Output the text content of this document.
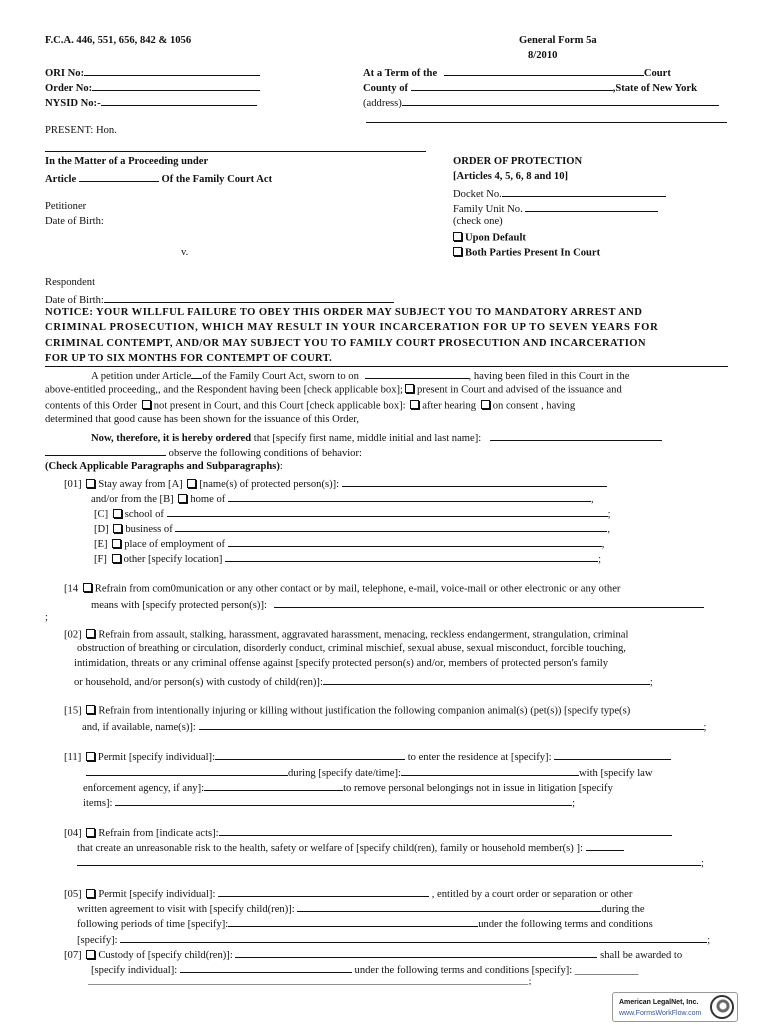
F.C.A. 446, 551, 656, 842 & 1056	General Form 5a
8/2010
ORI No:
Order No:
NYSID No:-
At a Term of the	Court
County of	,State of New York
(address)
PRESENT: Hon.
In the Matter of a Proceeding under
Article	Of the Family Court Act
Petitioner
Date of Birth:
v.
Respondent
Date of Birth:
ORDER OF PROTECTION
[Articles 4, 5, 6, 8 and 10]
Docket No.
Family Unit No.
(check one)
Upon Default
Both Parties Present In Court
NOTICE: YOUR WILLFUL FAILURE TO OBEY THIS ORDER MAY SUBJECT YOU TO MANDATORY ARREST AND
CRIMINAL PROSECUTION, WHICH MAY RESULT IN YOUR INCARCERATION FOR UP TO SEVEN YEARS FOR
CRIMINAL CONTEMPT, AND/OR MAY SUBJECT YOU TO FAMILY COURT PROSECUTION AND INCARCERATION
FOR UP TO SIX MONTHS FOR CONTEMPT OF COURT.
A petition under Article of the Family Court Act, sworn to on	, having been filed in this Court in the
above-entitled proceeding,, and the Respondent having been [check applicable box]; present in Court and advised of the issuance and
contents of this Order not present in Court, and this Court [check applicable box]: after hearing on consent , having
determined that good cause has been shown for the issuance of this Order,
Now, therefore, it is hereby ordered that [specify first name, middle initial and last name]:
observe the following conditions of behavior:
(Check Applicable Paragraphs and Subparagraphs):
[01] Stay away from [A] [name(s) of protected person(s)]:
and/or from the [B] home of	,
[C] school of	;
[D] business of	,
[E] place of employment of	,
[F] other [specify location]	;
[14 Refrain from com0munication or any other contact or by mail, telephone, e-mail, voice-mail or other electronic or any other
means with [specify protected person(s)]:
;
[02] Refrain from assault, stalking, harassment, aggravated harassment, menacing, reckless endangerment, strangulation, criminal
obstruction of breathing or circulation, disorderly conduct, criminal mischief, sexual abuse, sexual misconduct, forcible touching,
intimidation, threats or any criminal offense against [specify protected person(s) and/or, members of protected person's family
or household, and/or person(s) with custody of child(ren)]:	;
[15] Refrain from intentionally injuring or killing without justification the following companion animal(s) (pet(s)) [specify type(s)
and, if available, name(s)]:	;
[11] Permit [specify individual]:	to enter the residence at [specify]:
during [specify date/time]:	with [specify law
enforcement agency, if any]:	to remove personal belongings not in issue in litigation [specify
items]:	;
[04] Refrain from [indicate acts]:
that create an unreasonable risk to the health, safety or welfare of [specify child(ren), family or household member(s) ]:
;
[05] Permit [specify individual]:	, entitled by a court order or separation or other
written agreement to visit with [specify child(ren)]:	during the
following periods of time [specify]:	under the following terms and conditions
[specify]:	;
[07] Custody of [specify child(ren)]:	shall be awarded to
[specify individual]:	under the following terms and conditions [specify]: ____________
____________________________________________________________________________________________________________________ ;
American LegalNet, Inc.
www.FormsWorkFlow.com
